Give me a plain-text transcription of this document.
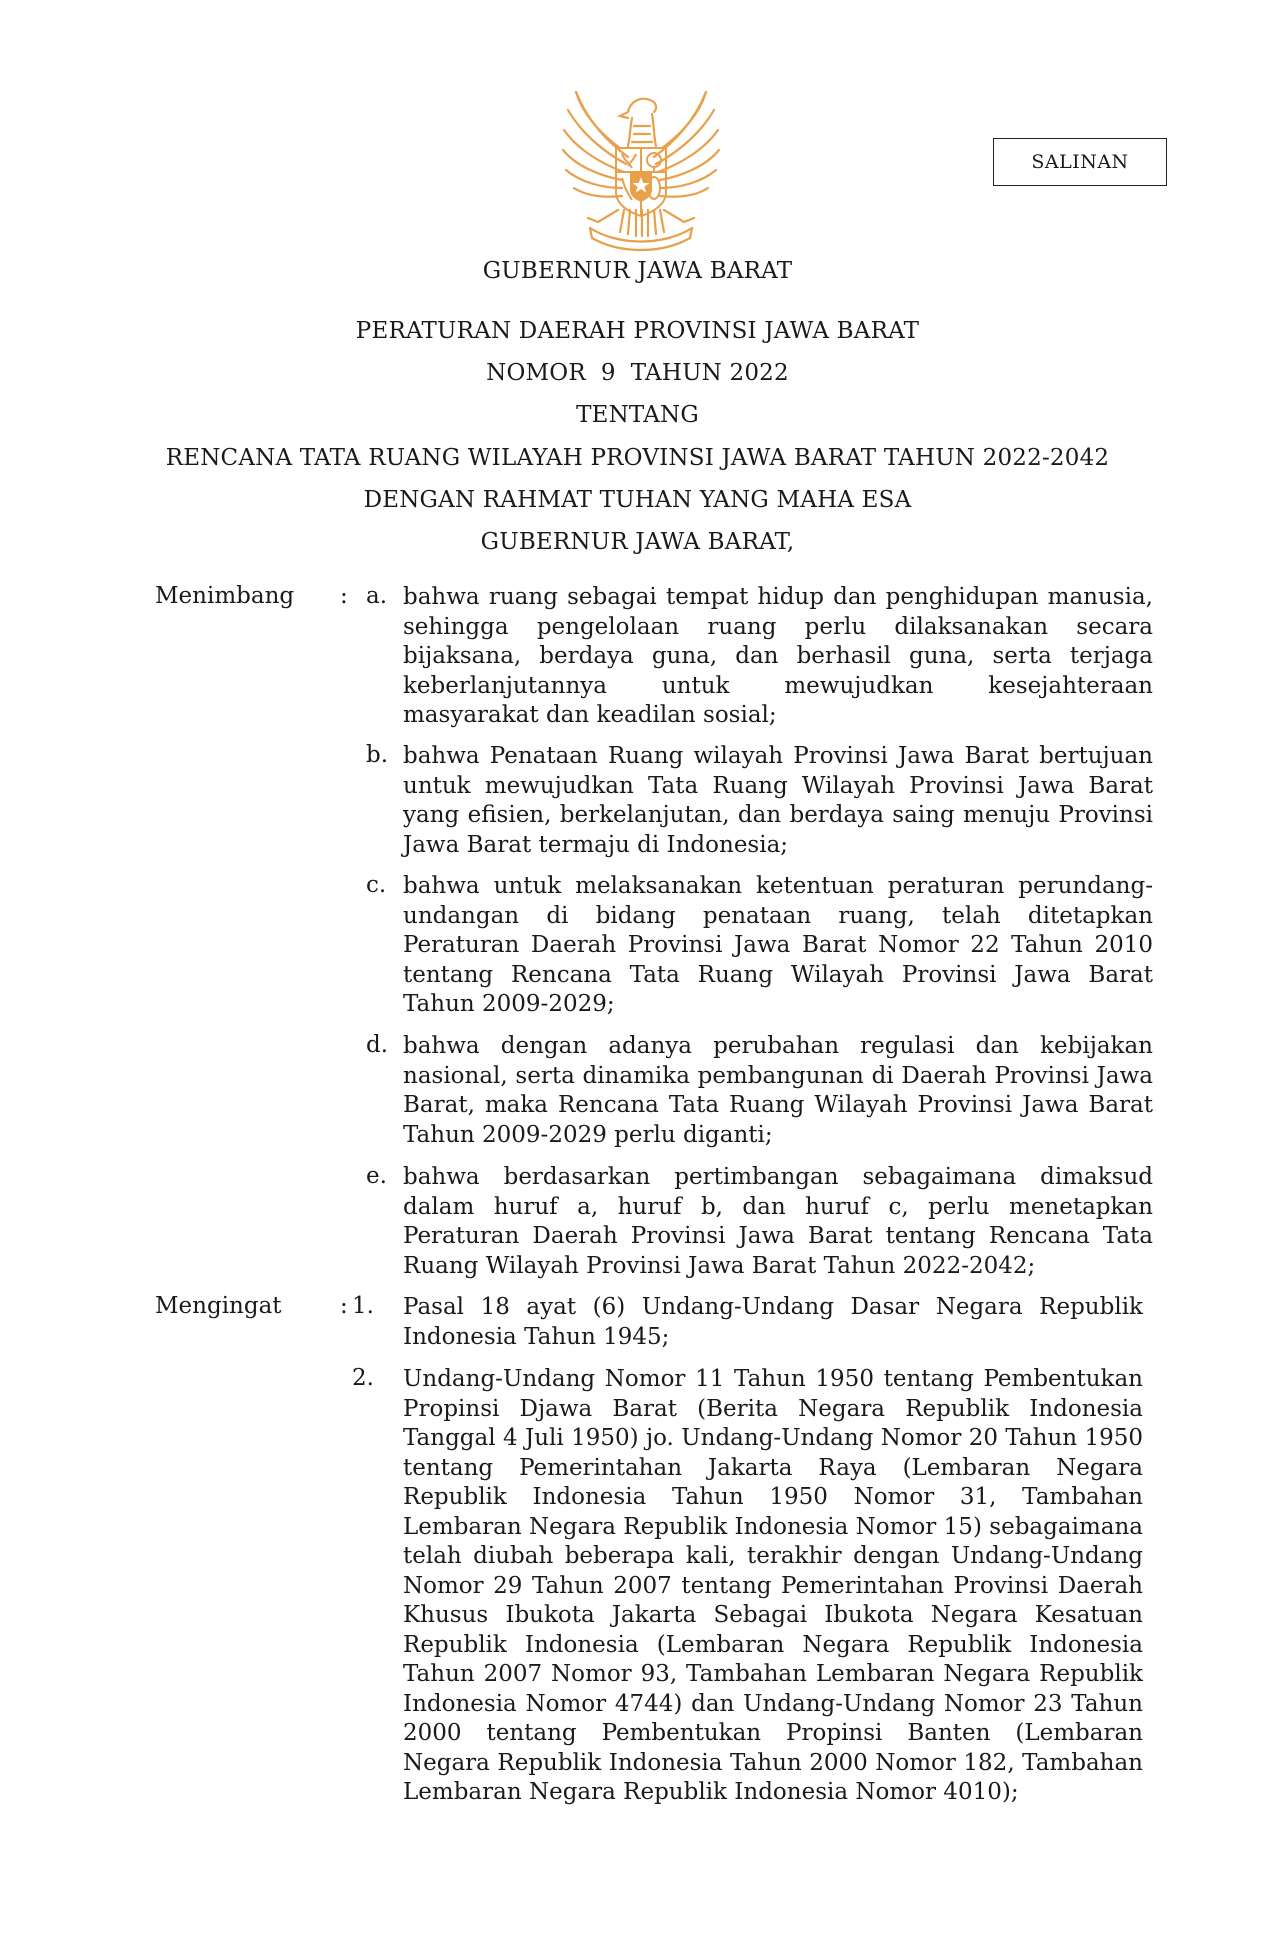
SALINAN
GUBERNUR JAWA BARAT
PERATURAN DAERAH PROVINSI JAWA BARAT
NOMOR  9  TAHUN 2022
TENTANG
RENCANA TATA RUANG WILAYAH PROVINSI JAWA BARAT TAHUN 2022-2042
DENGAN RAHMAT TUHAN YANG MAHA ESA
GUBERNUR JAWA BARAT,
Menimbang : a. bahwa ruang sebagai tempat hidup dan penghidupan manusia, sehingga pengelolaan ruang perlu dilaksanakan secara bijaksana, berdaya guna, dan berhasil guna, serta terjaga keberlanjutannya untuk mewujudkan kesejahteraan masyarakat dan keadilan sosial;
b. bahwa Penataan Ruang wilayah Provinsi Jawa Barat bertujuan untuk mewujudkan Tata Ruang Wilayah Provinsi Jawa Barat yang efisien, berkelanjutan, dan berdaya saing menuju Provinsi Jawa Barat termaju di Indonesia;
c. bahwa untuk melaksanakan ketentuan peraturan perundang-undangan di bidang penataan ruang, telah ditetapkan Peraturan Daerah Provinsi Jawa Barat Nomor 22 Tahun 2010 tentang Rencana Tata Ruang Wilayah Provinsi Jawa Barat Tahun 2009-2029;
d. bahwa dengan adanya perubahan regulasi dan kebijakan nasional, serta dinamika pembangunan di Daerah Provinsi Jawa Barat, maka Rencana Tata Ruang Wilayah Provinsi Jawa Barat Tahun 2009-2029 perlu diganti;
e. bahwa berdasarkan pertimbangan sebagaimana dimaksud dalam huruf a, huruf b, dan huruf c, perlu menetapkan Peraturan Daerah Provinsi Jawa Barat tentang Rencana Tata Ruang Wilayah Provinsi Jawa Barat Tahun 2022-2042;
Mengingat	: 1. Pasal 18 ayat (6) Undang-Undang Dasar Negara Republik Indonesia Tahun 1945;
2. Undang-Undang Nomor 11 Tahun 1950 tentang Pembentukan Propinsi Djawa Barat (Berita Negara Republik Indonesia Tanggal 4 Juli 1950) jo. Undang-Undang Nomor 20 Tahun 1950 tentang Pemerintahan Jakarta Raya (Lembaran Negara Republik Indonesia Tahun 1950 Nomor 31, Tambahan Lembaran Negara Republik Indonesia Nomor 15) sebagaimana telah diubah beberapa kali, terakhir dengan Undang-Undang Nomor 29 Tahun 2007 tentang Pemerintahan Provinsi Daerah Khusus Ibukota Jakarta Sebagai Ibukota Negara Kesatuan Republik Indonesia (Lembaran Negara Republik Indonesia Tahun 2007 Nomor 93, Tambahan Lembaran Negara Republik Indonesia Nomor 4744) dan Undang-Undang Nomor 23 Tahun 2000 tentang Pembentukan Propinsi Banten (Lembaran Negara Republik Indonesia Tahun 2000 Nomor 182, Tambahan Lembaran Negara Republik Indonesia Nomor 4010);
